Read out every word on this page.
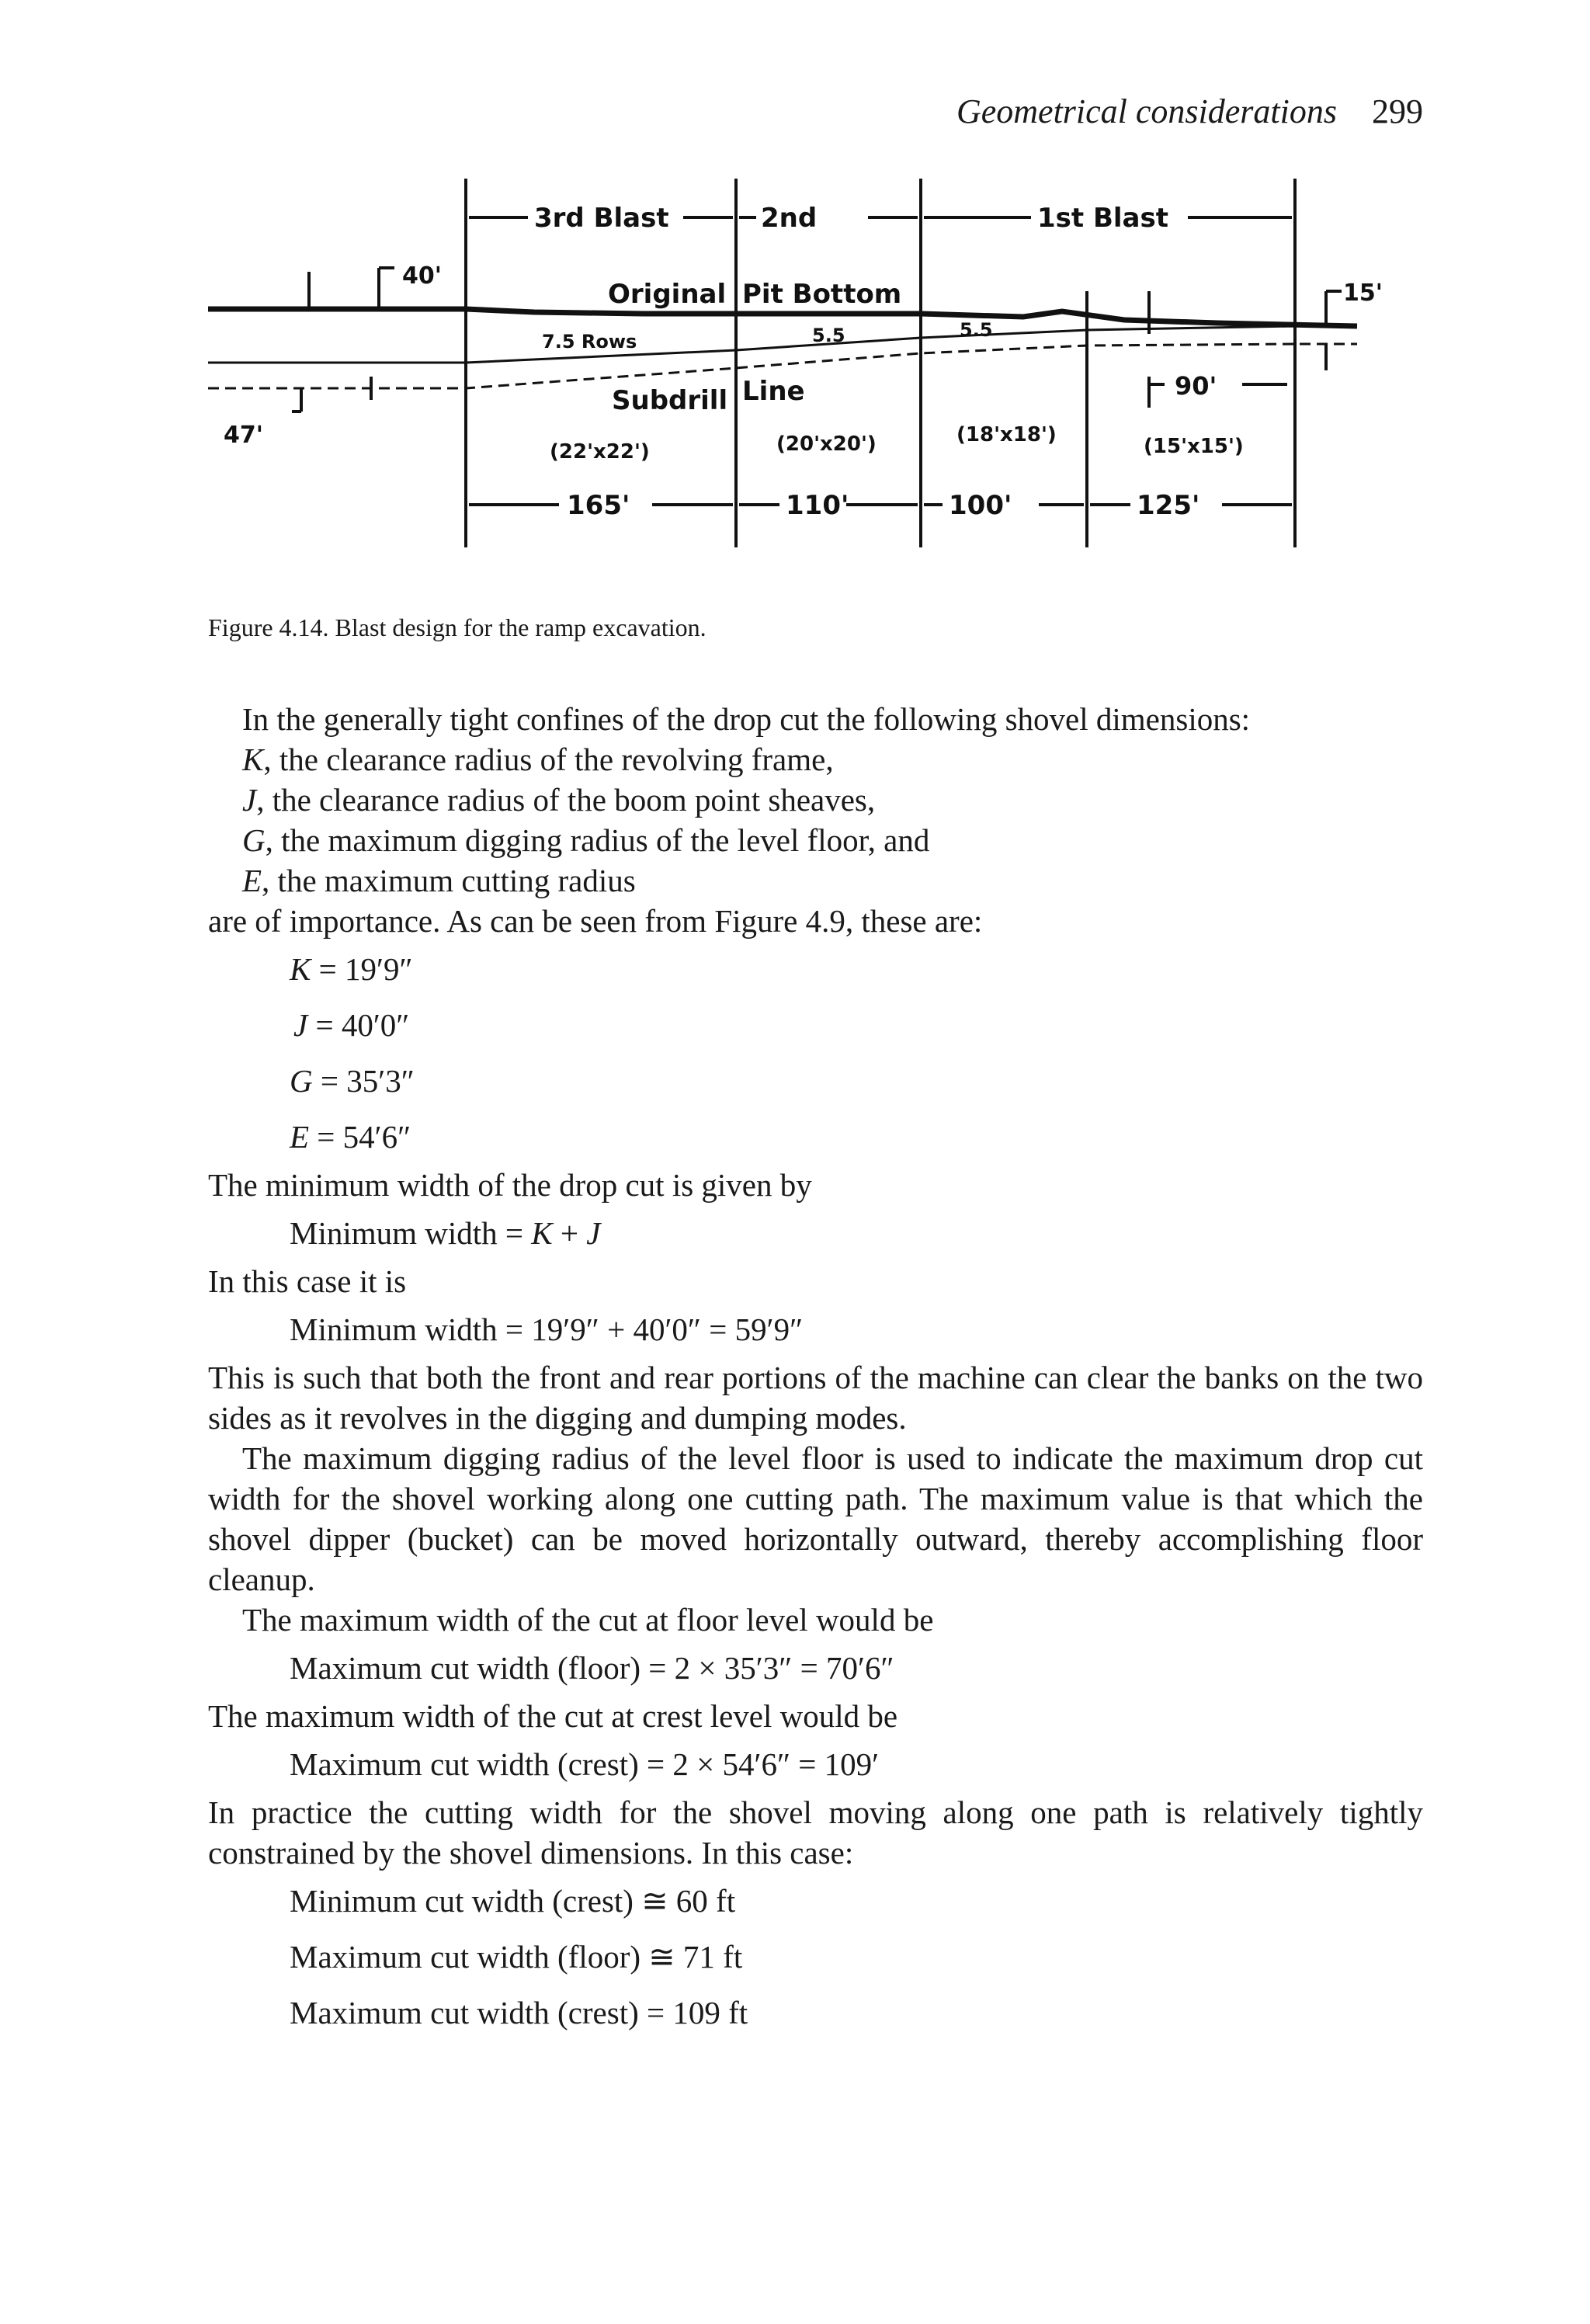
Geometrical considerations 299
3rd Blast	2nd	1st Blast
40'
47'
15'
Original Pit Bottom
7.5 Rows	5.5	5.5
Subdrill Line	90'
(22'x22')	(20'x20')	(18'x18')	(15'x15')
165'	110'	100'	125'
Figure 4.14. Blast design for the ramp excavation.

In the generally tight confines of the drop cut the following shovel dimensions:

K, the clearance radius of the revolving frame,

J, the clearance radius of the boom point sheaves,

G, the maximum digging radius of the level floor, and

E, the maximum cutting radius

are of importance. As can be seen from Figure 4.9, these are:

K = 19′9″

J = 40′0″

G = 35′3″

E = 54′6″

The minimum width of the drop cut is given by

Minimum width = K + J

In this case it is

Minimum width = 19′9″ + 40′0″ = 59′9″

This is such that both the front and rear portions of the machine can clear the banks on the two sides as it revolves in the digging and dumping modes.

The maximum digging radius of the level floor is used to indicate the maximum drop cut width for the shovel working along one cutting path. The maximum value is that which the shovel dipper (bucket) can be moved horizontally outward, thereby accomplishing floor cleanup.

The maximum width of the cut at floor level would be

Maximum cut width (floor) = 2 × 35′3″ = 70′6″

The maximum width of the cut at crest level would be

Maximum cut width (crest) = 2 × 54′6″ = 109′

In practice the cutting width for the shovel moving along one path is relatively tightly constrained by the shovel dimensions. In this case:

Minimum cut width (crest) ≅ 60 ft

Maximum cut width (floor) ≅ 71 ft

Maximum cut width (crest) = 109 ft
